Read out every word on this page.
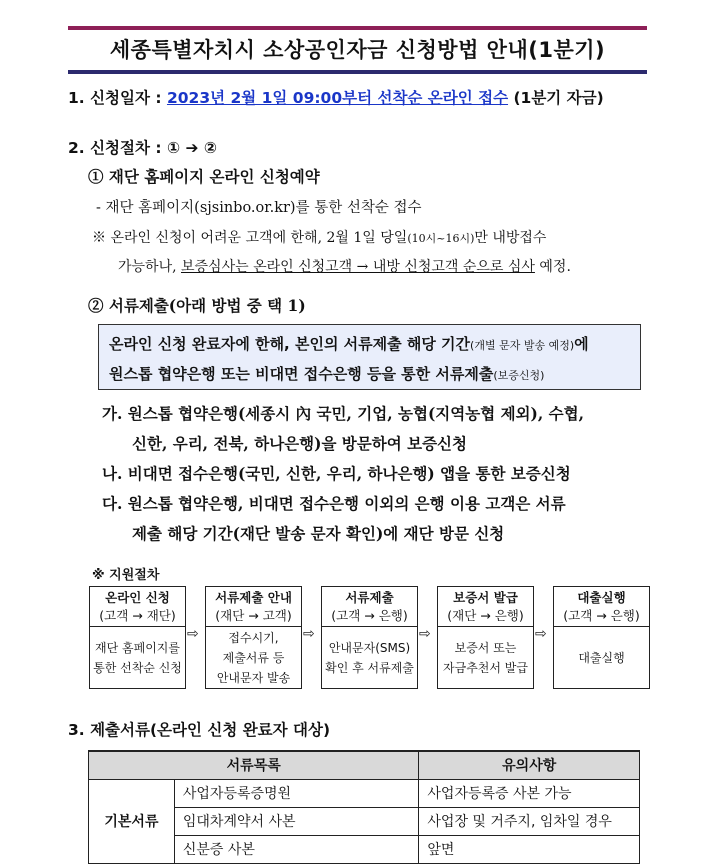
세종특별자치시 소상공인자금 신청방법 안내(1분기)
1. 신청일자 : 2023년 2월 1일 09:00부터 선착순 온라인 접수 (1분기 자금)
2. 신청절차 : ① ➔ ②
① 재단 홈페이지 온라인 신청예약
- 재단 홈페이지(sjsinbo.or.kr)를 통한 선착순 접수
※ 온라인 신청이 어려운 고객에 한해, 2월 1일 당일(10시~16시)만 내방접수
가능하나, 보증심사는 온라인 신청고객 → 내방 신청고객 순으로 심사 예정.
② 서류제출(아래 방법 중 택 1)
온라인 신청 완료자에 한해, 본인의 서류제출 해당 기간(개별 문자 발송 예정)에
원스톱 협약은행 또는 비대면 접수은행 등을 통한 서류제출(보증신청)
가. 원스톱 협약은행(세종시 內 국민, 기업, 농협(지역농협 제외), 수협,
신한, 우리, 전북, 하나은행)을 방문하여 보증신청
나. 비대면 접수은행(국민, 신한, 우리, 하나은행) 앱을 통한 보증신청
다. 원스톱 협약은행, 비대면 접수은행 이외의 은행 이용 고객은 서류
제출 해당 기간(재단 발송 문자 확인)에 재단 방문 신청
※ 지원절차
온라인 신청
(고객 → 재단)
재단 홈페이지를
통한 선착순 신청
⇨
서류제출 안내
(재단 → 고객)
접수시기,
제출서류 등
안내문자 발송
⇨
서류제출
(고객 → 은행)
안내문자(SMS)
확인 후 서류제출
⇨
보증서 발급
(재단 → 은행)
보증서 또는
자금추천서 발급
⇨
대출실행
(고객 → 은행)
대출실행
3. 제출서류(온라인 신청 완료자 대상)
서류목록		유의사항
기본서류	사업자등록증명원	사업자등록증 사본 가능
	임대차계약서 사본	사업장 및 거주지, 임차일 경우
	신분증 사본	앞면
